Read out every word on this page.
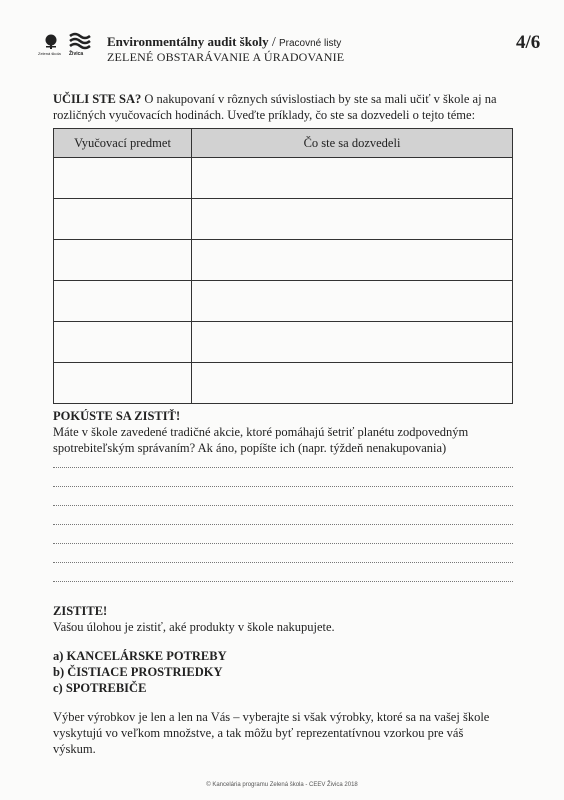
Zelená škola Živica
Environmentálny audit školy / Pracovné listy
ZELENÉ OBSTARÁVANIE A ÚRADOVANIE
4/6
UČILI STE SA? O nakupovaní v rôznych súvislostiach by ste sa mali učiť v škole aj na rozličných vyučovacích hodinách. Uveďte príklady, čo ste sa dozvedeli o tejto téme:
Vyučovací predmet	Čo ste sa dozvedeli

POKÚSTE SA ZISTIŤ!
Máte v škole zavedené tradičné akcie, ktoré pomáhajú šetriť planétu zodpovedným spotrebiteľským správaním? Ak áno, popíšte ich (napr. týždeň nenakupovania)
ZISTITE!
Vašou úlohou je zistiť, aké produkty v škole nakupujete.
a) KANCELÁRSKE POTREBY
b) ČISTIACE PROSTRIEDKY
c) SPOTREBIČE
Výber výrobkov je len a len na Vás – vyberajte si však výrobky, ktoré sa na vašej škole vyskytujú vo veľkom množstve, a tak môžu byť reprezentatívnou vzorkou pre váš výskum.
© Kancelária programu Zelená škola - CEEV Živica 2018
